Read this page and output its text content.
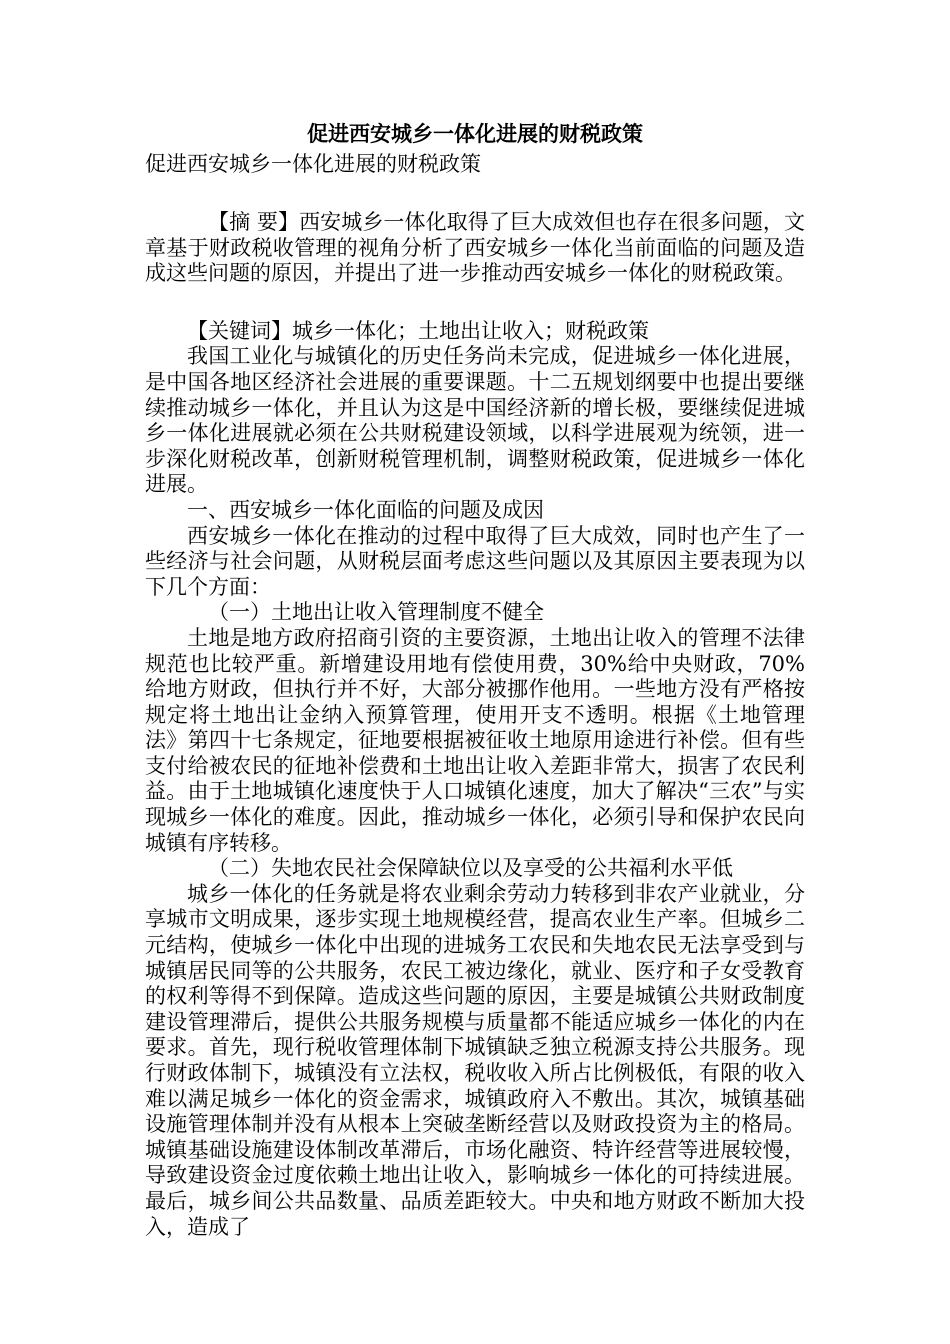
促进西安城乡一体化进展的财税政策
促进西安城乡一体化进展的财税政策

【摘 要】西安城乡一体化取得了巨大成效但也存在很多问题，文章基于财政税收管理的视角分析了西安城乡一体化当前面临的问题及造成这些问题的原因，并提出了进一步推动西安城乡一体化的财税政策。

【关键词】城乡一体化；土地出让收入；财税政策

我国工业化与城镇化的历史任务尚未完成，促进城乡一体化进展，是中国各地区经济社会进展的重要课题。十二五规划纲要中也提出要继续推动城乡一体化，并且认为这是中国经济新的增长极，要继续促进城乡一体化进展就必须在公共财税建设领域，以科学进展观为统领，进一步深化财税改革，创新财税管理机制，调整财税政策，促进城乡一体化进展。

一、西安城乡一体化面临的问题及成因

西安城乡一体化在推动的过程中取得了巨大成效，同时也产生了一些经济与社会问题，从财税层面考虑这些问题以及其原因主要表现为以下几个方面：

（一）土地出让收入管理制度不健全

土地是地方政府招商引资的主要资源，土地出让收入的管理不法律规范也比较严重。新增建设用地有偿使用费，30%给中央财政，70%给地方财政，但执行并不好，大部分被挪作他用。一些地方没有严格按规定将土地出让金纳入预算管理，使用开支不透明。根据《土地管理法》第四十七条规定，征地要根据被征收土地原用途进行补偿。但有些支付给被农民的征地补偿费和土地出让收入差距非常大，损害了农民利益。由于土地城镇化速度快于人口城镇化速度，加大了解决“三农”与实现城乡一体化的难度。因此，推动城乡一体化，必须引导和保护农民向城镇有序转移。

（二）失地农民社会保障缺位以及享受的公共福利水平低

城乡一体化的任务就是将农业剩余劳动力转移到非农产业就业，分享城市文明成果，逐步实现土地规模经营，提高农业生产率。但城乡二元结构，使城乡一体化中出现的进城务工农民和失地农民无法享受到与城镇居民同等的公共服务，农民工被边缘化，就业、医疗和子女受教育的权利等得不到保障。造成这些问题的原因，主要是城镇公共财政制度建设管理滞后，提供公共服务规模与质量都不能适应城乡一体化的内在要求。首先，现行税收管理体制下城镇缺乏独立税源支持公共服务。现行财政体制下，城镇没有立法权，税收收入所占比例极低，有限的收入难以满足城乡一体化的资金需求，城镇政府入不敷出。其次，城镇基础设施管理体制并没有从根本上突破垄断经营以及财政投资为主的格局。城镇基础设施建设体制改革滞后，市场化融资、特许经营等进展较慢，导致建设资金过度依赖土地出让收入，影响城乡一体化的可持续进展。最后，城乡间公共品数量、品质差距较大。中央和地方财政不断加大投入，造成了
